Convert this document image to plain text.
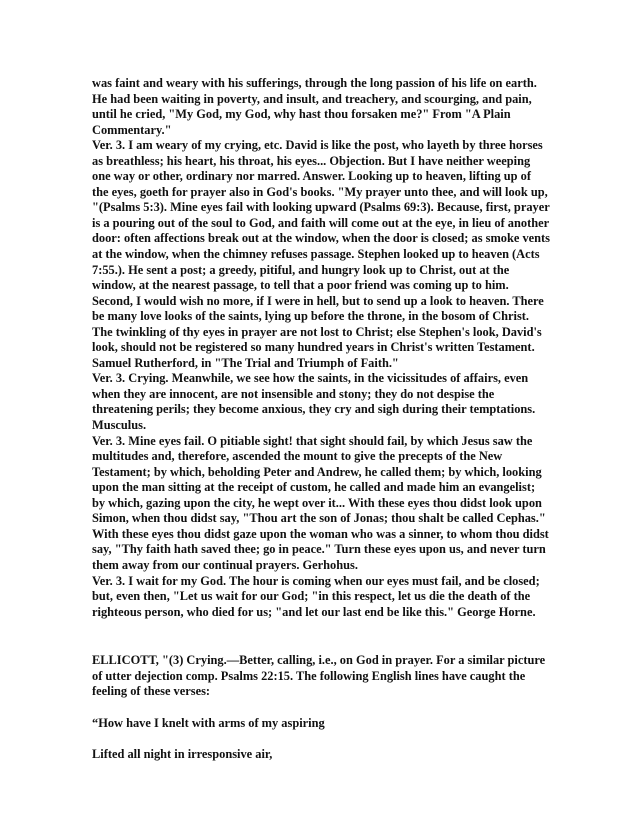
was faint and weary with his sufferings, through the long passion of his life on earth. He had been waiting in poverty, and insult, and treachery, and scourging, and pain, until he cried, "My God, my God, why hast thou forsaken me?" From "A Plain Commentary."

Ver. 3. I am weary of my crying, etc. David is like the post, who layeth by three horses as breathless; his heart, his throat, his eyes... Objection. But I have neither weeping one way or other, ordinary nor marred. Answer. Looking up to heaven, lifting up of the eyes, goeth for prayer also in God's books. "My prayer unto thee, and will look up, "(Psalms 5:3). Mine eyes fail with looking upward (Psalms 69:3). Because, first, prayer is a pouring out of the soul to God, and faith will come out at the eye, in lieu of another door: often affections break out at the window, when the door is closed; as smoke vents at the window, when the chimney refuses passage. Stephen looked up to heaven (Acts 7:55.). He sent a post; a greedy, pitiful, and hungry look up to Christ, out at the window, at the nearest passage, to tell that a poor friend was coming up to him. Second, I would wish no more, if I were in hell, but to send up a look to heaven. There be many love looks of the saints, lying up before the throne, in the bosom of Christ. The twinkling of thy eyes in prayer are not lost to Christ; else Stephen's look, David's look, should not be registered so many hundred years in Christ's written Testament. Samuel Rutherford, in "The Trial and Triumph of Faith."

Ver. 3. Crying. Meanwhile, we see how the saints, in the vicissitudes of affairs, even when they are innocent, are not insensible and stony; they do not despise the threatening perils; they become anxious, they cry and sigh during their temptations. Musculus.

Ver. 3. Mine eyes fail. O pitiable sight! that sight should fail, by which Jesus saw the multitudes and, therefore, ascended the mount to give the precepts of the New Testament; by which, beholding Peter and Andrew, he called them; by which, looking upon the man sitting at the receipt of custom, he called and made him an evangelist; by which, gazing upon the city, he wept over it... With these eyes thou didst look upon Simon, when thou didst say, "Thou art the son of Jonas; thou shalt be called Cephas." With these eyes thou didst gaze upon the woman who was a sinner, to whom thou didst say, "Thy faith hath saved thee; go in peace." Turn these eyes upon us, and never turn them away from our continual prayers. Gerhohus.

Ver. 3. I wait for my God. The hour is coming when our eyes must fail, and be closed; but, even then, "Let us wait for our God; "in this respect, let us die the death of the righteous person, who died for us; "and let our last end be like this." George Horne.

ELLICOTT, "(3) Crying.—Better, calling, i.e., on God in prayer. For a similar picture of utter dejection comp. Psalms 22:15. The following English lines have caught the feeling of these verses:

“How have I knelt with arms of my aspiring

Lifted all night in irresponsive air,
